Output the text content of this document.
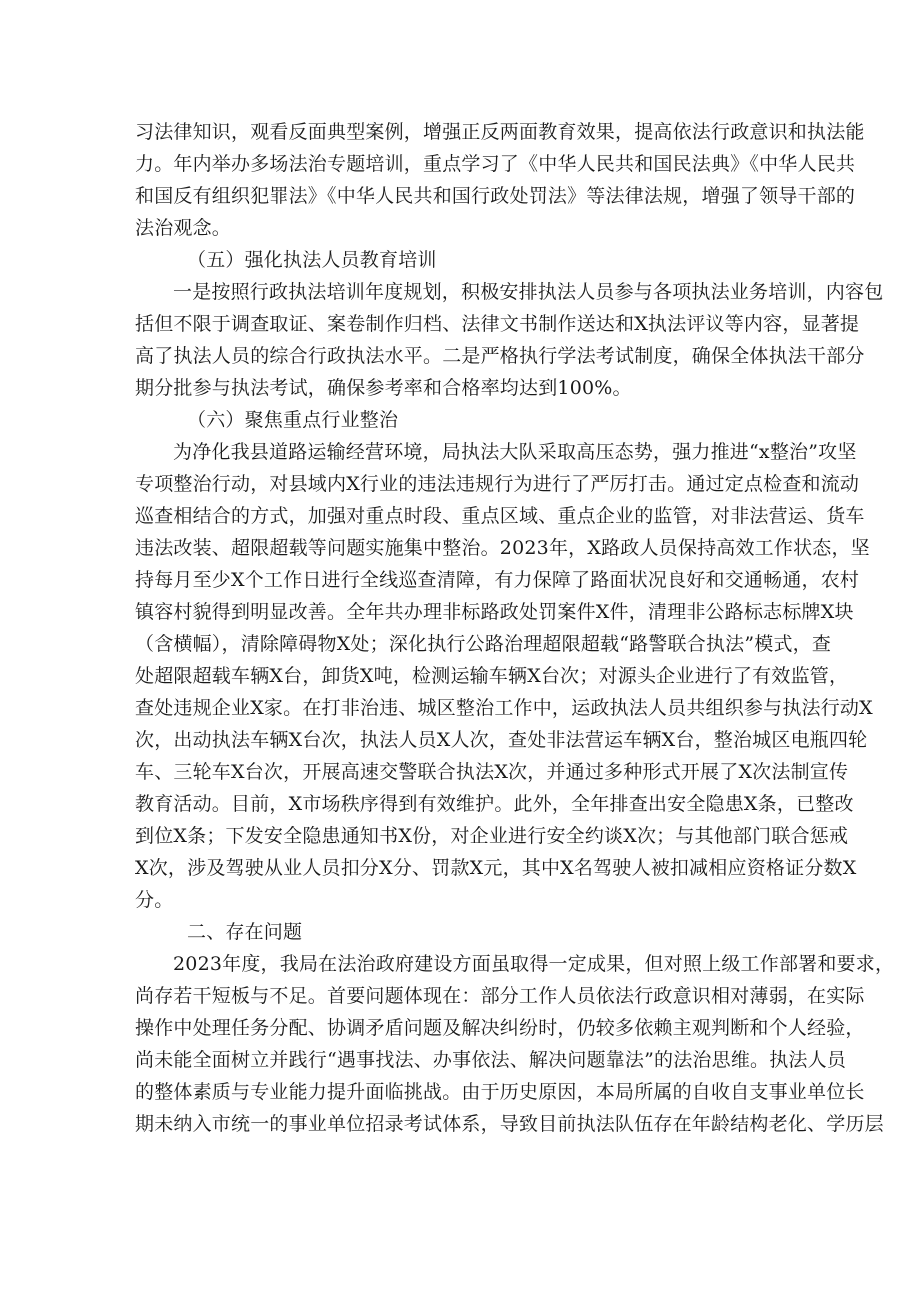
习法律知识，观看反面典型案例，增强正反两面教育效果，提高依法行政意识和执法能
力。年内举办多场法治专题培训，重点学习了《中华人民共和国民法典》《中华人民共
和国反有组织犯罪法》《中华人民共和国行政处罚法》等法律法规，增强了领导干部的
法治观念。
（五）强化执法人员教育培训
一是按照行政执法培训年度规划，积极安排执法人员参与各项执法业务培训，内容包
括但不限于调查取证、案卷制作归档、法律文书制作送达和X执法评议等内容，显著提
高了执法人员的综合行政执法水平。二是严格执行学法考试制度，确保全体执法干部分
期分批参与执法考试，确保参考率和合格率均达到100%。
（六）聚焦重点行业整治
为净化我县道路运输经营环境，局执法大队采取高压态势，强力推进“x整治”攻坚
专项整治行动，对县域内X行业的违法违规行为进行了严厉打击。通过定点检查和流动
巡查相结合的方式，加强对重点时段、重点区域、重点企业的监管，对非法营运、货车
违法改装、超限超载等问题实施集中整治。2023年，X路政人员保持高效工作状态，坚
持每月至少X个工作日进行全线巡查清障，有力保障了路面状况良好和交通畅通，农村
镇容村貌得到明显改善。全年共办理非标路政处罚案件X件，清理非公路标志标牌X块
（含横幅），清除障碍物X处；深化执行公路治理超限超载“路警联合执法”模式，查
处超限超载车辆X台，卸货X吨，检测运输车辆X台次；对源头企业进行了有效监管，
查处违规企业X家。在打非治违、城区整治工作中，运政执法人员共组织参与执法行动X
次，出动执法车辆X台次，执法人员X人次，查处非法营运车辆X台，整治城区电瓶四轮
车、三轮车X台次，开展高速交警联合执法X次，并通过多种形式开展了X次法制宣传
教育活动。目前，X市场秩序得到有效维护。此外，全年排查出安全隐患X条，已整改
到位X条；下发安全隐患通知书X份，对企业进行安全约谈X次；与其他部门联合惩戒
X次，涉及驾驶从业人员扣分X分、罚款X元，其中X名驾驶人被扣减相应资格证分数X
分。
二、存在问题
2023年度，我局在法治政府建设方面虽取得一定成果，但对照上级工作部署和要求，
尚存若干短板与不足。首要问题体现在：部分工作人员依法行政意识相对薄弱，在实际
操作中处理任务分配、协调矛盾问题及解决纠纷时，仍较多依赖主观判断和个人经验，
尚未能全面树立并践行“遇事找法、办事依法、解决问题靠法”的法治思维。执法人员
的整体素质与专业能力提升面临挑战。由于历史原因，本局所属的自收自支事业单位长
期未纳入市统一的事业单位招录考试体系，导致目前执法队伍存在年龄结构老化、学历层
